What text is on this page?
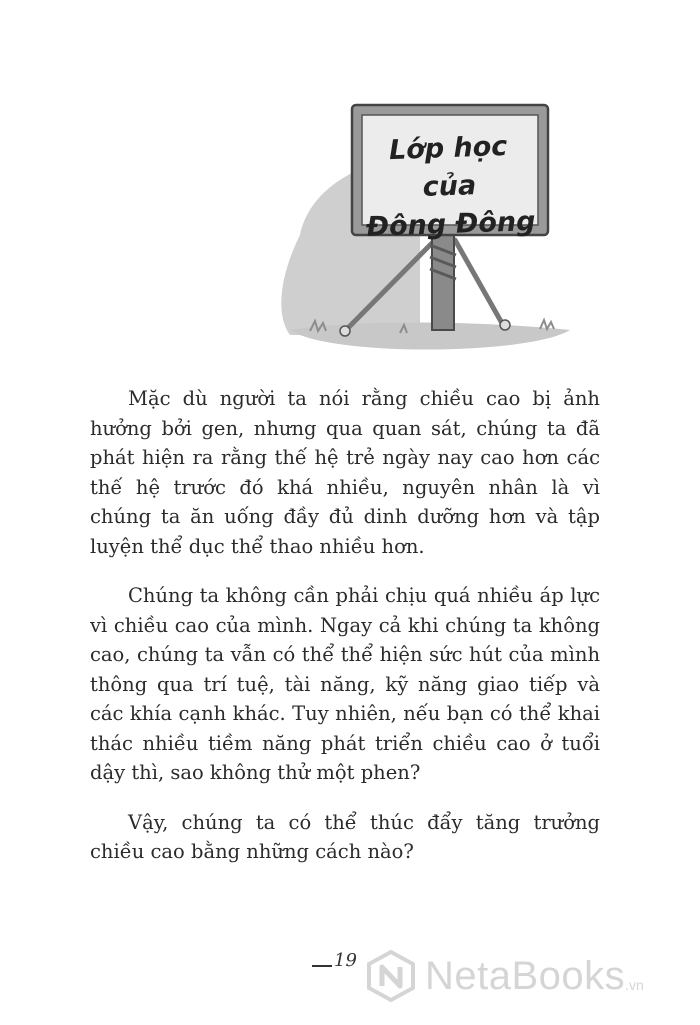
Lớp học của
Đông Đông

Mặc dù người ta nói rằng chiều cao bị ảnh hưởng bởi gen, nhưng qua quan sát, chúng ta đã phát hiện ra rằng thế hệ trẻ ngày nay cao hơn các thế hệ trước đó khá nhiều, nguyên nhân là vì chúng ta ăn uống đầy đủ dinh dưỡng hơn và tập luyện thể dục thể thao nhiều hơn.

Chúng ta không cần phải chịu quá nhiều áp lực vì chiều cao của mình. Ngay cả khi chúng ta không cao, chúng ta vẫn có thể thể hiện sức hút của mình thông qua trí tuệ, tài năng, kỹ năng giao tiếp và các khía cạnh khác. Tuy nhiên, nếu bạn có thể khai thác nhiều tiềm năng phát triển chiều cao ở tuổi dậy thì, sao không thử một phen?

Vậy, chúng ta có thể thúc đẩy tăng trưởng chiều cao bằng những cách nào?

19 NetaBooks .vn
